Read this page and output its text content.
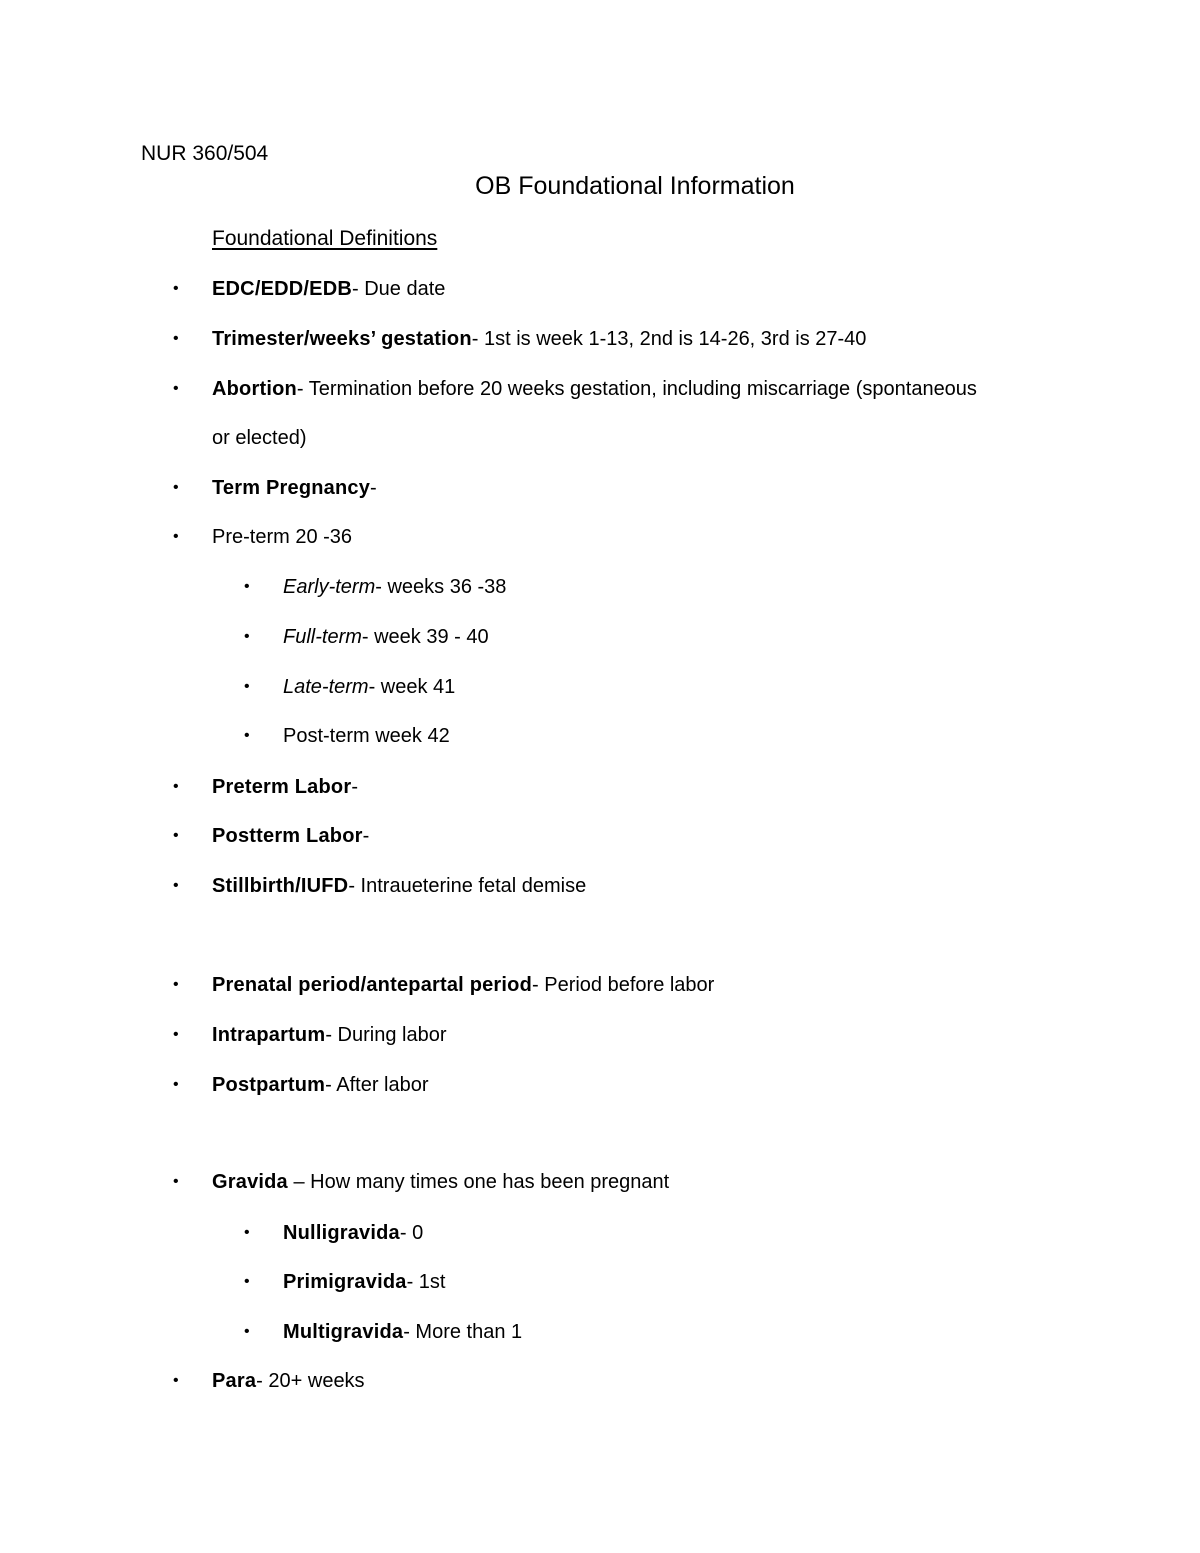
NUR 360/504
OB Foundational Information
Foundational Definitions
• EDC/EDD/EDB- Due date
• Trimester/weeks’ gestation- 1st is week 1-13, 2nd is 14-26, 3rd is 27-40
• Abortion- Termination before 20 weeks gestation, including miscarriage (spontaneous
or elected)
• Term Pregnancy-
• Pre-term 20 -36
• Early-term- weeks 36 -38
• Full-term- week 39 - 40
• Late-term- week 41
• Post-term week 42
• Preterm Labor-
• Postterm Labor-
• Stillbirth/IUFD- Intraueterine fetal demise
• Prenatal period/antepartal period- Period before labor
• Intrapartum- During labor
• Postpartum- After labor
• Gravida – How many times one has been pregnant
• Nulligravida- 0
• Primigravida- 1st
• Multigravida- More than 1
• Para- 20+ weeks
